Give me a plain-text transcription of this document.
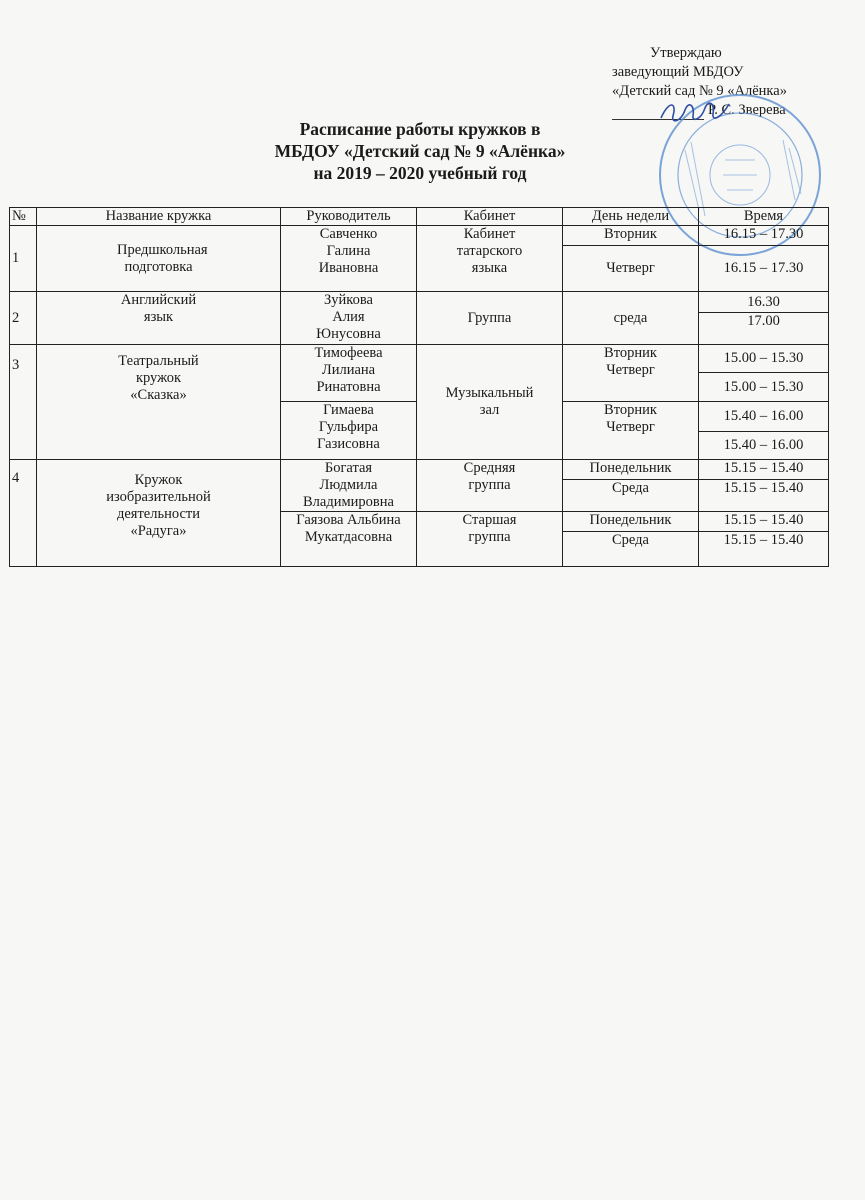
Утверждаю
заведующий МБДОУ
«Детский сад № 9 «Алёнка»
Р. С. Зверева
Расписание работы кружков в
МБДОУ «Детский сад № 9 «Алёнка»
на 2019 – 2020 учебный год
№	Название кружка	Руководитель	Кабинет	День недели	Время
1	Предшкольная подготовка	Савченко Галина Ивановна	Кабинет татарского языка	Вторник	16.15 – 17.30
				Четверг	16.15 – 17.30
2	Английский язык	Зуйкова Алия Юнусовна	Группа	среда	16.30
					17.00
3	Театральный кружок «Сказка»	Тимофеева Лилиана Ринатовна	Музыкальный зал	Вторник Четверг	15.00 – 15.30
					15.00 – 15.30
		Гимаева Гульфира Газисовна		Вторник Четверг	15.40 – 16.00
					15.40 – 16.00
4	Кружок изобразительной деятельности «Радуга»	Богатая Людмила Владимировна	Средняя группа	Понедельник	15.15 – 15.40
				Среда	15.15 – 15.40
		Гаязова Альбина Мукатдасовна	Старшая группа	Понедельник	15.15 – 15.40
				Среда	15.15 – 15.40
